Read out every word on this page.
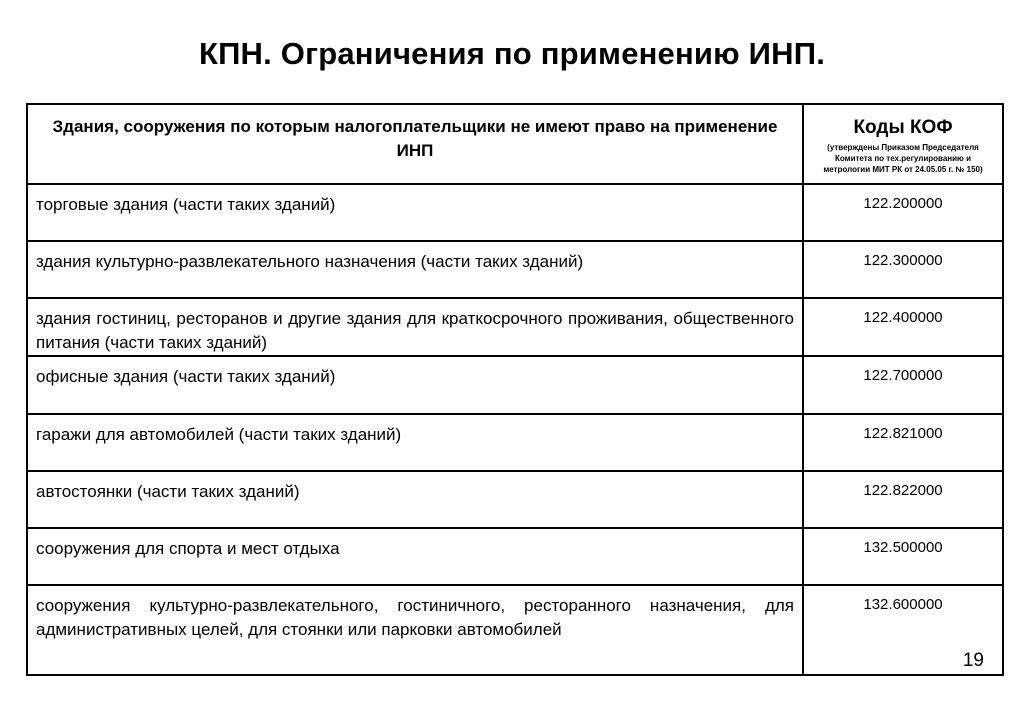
КПН. Ограничения по применению ИНП.
Здания, сооружения по которым налогоплательщики не имеют право на применение ИНП	Коды КОФ
(утверждены Приказом Председателя Комитета по тех.регулированию и метрологии МИТ РК от 24.05.05 г. № 150)

торговые здания (части таких зданий)	122.200000
здания культурно-развлекательного назначения (части таких зданий)	122.300000
здания гостиниц, ресторанов и другие здания для краткосрочного проживания, общественного питания (части таких зданий)	122.400000
офисные здания (части таких зданий)	122.700000
гаражи для автомобилей (части таких зданий)	122.821000
автостоянки (части таких зданий)	122.822000
сооружения для спорта и мест отдыха	132.500000
сооружения культурно-развлекательного, гостиничного, ресторанного назначения, для административных целей, для стоянки или парковки автомобилей	132.600000
19
